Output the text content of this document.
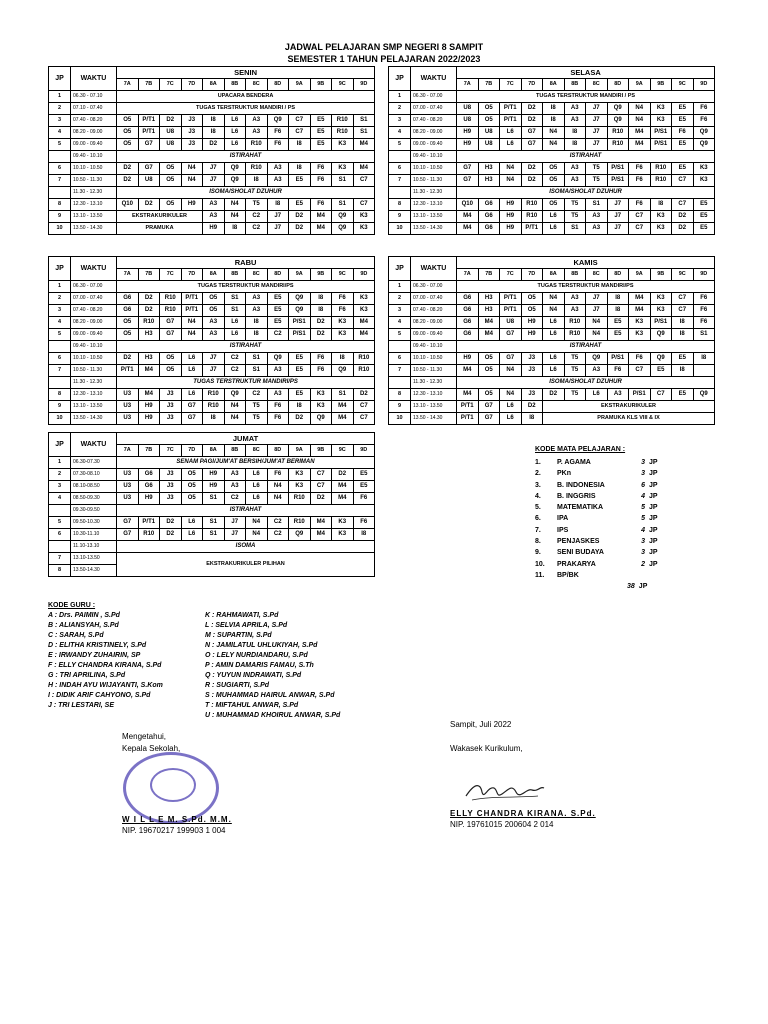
JADWAL PELAJARAN SMP NEGERI 8 SAMPIT
SEMESTER 1 TAHUN PELAJARAN 2022/2023
JP	WAKTU	SENIN											
		7A	7B	7C	7D	8A	8B	8C	8D	9A	9B	9C	9D
1	06.30 - 07.10	UPACARA BENDERA											
2	07.10 - 07.40	TUGAS TERSTRUKTUR MANDIRI / PS											
3	07.40 - 08.20	O5	P/T1	D2	J3	I8	L6	A3	Q9	C7	E5	R10	S1
4	08.20 - 09.00	O5	P/T1	U8	J3	I8	L6	A3	F6	C7	E5	R10	S1
5	09.00 - 09.40	O5	G7	U8	J3	D2	L6	R10	F6	I8	E5	K3	M4
	09.40 - 10.10	ISTIRAHAT											
6	10.10 - 10.50	D2	G7	O5	N4	J7	Q9	R10	A3	I8	F6	K3	M4
7	10.50 - 11.30	D2	U8	O5	N4	J7	Q9	I8	A3	E5	F6	S1	C7
	11.30 - 12.30	ISOMA/SHOLAT DZUHUR											
8	12.30 - 13.10	Q10	D2	O5	H9	A3	N4	T5	I8	E5	F6	S1	C7
9	13.10 - 13.50	EKSTRAKURIKULER				A3	N4	C2	J7	D2	M4	Q9	K3
10	13.50 - 14.30	PRAMUKA				H9	I8	C2	J7	D2	M4	Q9	K3
JP	WAKTU	SELASA											
		7A	7B	7C	7D	8A	8B	8C	8D	9A	9B	9C	9D
1	06.30 - 07.00	TUGAS TERSTRUKTUR MANDIRI / PS											
2	07.00 - 07.40	U8	O5	P/T1	D2	I8	A3	J7	Q9	N4	K3	E5	F6
3	07.40 - 08.20	U8	O5	P/T1	D2	I8	A3	J7	Q9	N4	K3	E5	F6
4	08.20 - 09.00	H9	U8	L6	G7	N4	I8	J7	R10	M4	P/S1	F6	Q9
5	09.00 - 09.40	H9	U8	L6	G7	N4	I8	J7	R10	M4	P/S1	E5	Q9
	09.40 - 10.10	ISTIRAHAT											
6	10.10 - 10.50	G7	H3	N4	D2	O5	A3	T5	P/S1	F6	R10	E5	K3
7	10.50 - 11.30	G7	H3	N4	D2	O5	A3	T5	P/S1	F6	R10	C7	K3
	11.30 - 12.30	ISOMA/SHOLAT DZUHUR											
8	12.30 - 13.10	Q10	G6	H9	R10	O5	T5	S1	J7	F6	I8	C7	E5
9	13.10 - 13.50	M4	G6	H9	R10	L6	T5	A3	J7	C7	K3	D2	E5
10	13.50 - 14.30	M4	G6	H9	P/T1	L6	S1	A3	J7	C7	K3	D2	E5
JP	WAKTU	RABU											
		7A	7B	7C	7D	8A	8B	8C	8D	9A	9B	9C	9D
1	06.30 - 07.00	TUGAS TERSTRUKTUR MANDIRI/PS											
2	07.00 - 07.40	G6	D2	R10	P/T1	O5	S1	A3	E5	Q9	I8	F6	K3
3	07.40 - 08.20	G6	D2	R10	P/T1	O5	S1	A3	E5	Q9	I8	F6	K3
4	08.20 - 09.00	O5	R10	G7	N4	A3	L6	I8	E5	P/S1	D2	K3	M4
5	09.00 - 09.40	O5	H3	G7	N4	A3	L6	I8	C2	P/S1	D2	K3	M4
	09.40 - 10.10	ISTIRAHAT											
6	10.10 - 10.50	D2	H3	O5	L6	J7	C2	S1	Q9	E5	F6	I8	R10
7	10.50 - 11.30	P/T1	M4	O5	L6	J7	C2	S1	A3	E5	F6	Q9	R10
	11.30 - 12.30	TUGAS TERSTRUKTUR MANDIRI/PS											
8	12.30 - 13.10	U3	M4	J3	L6	R10	Q9	C2	A3	E5	K3	S1	D2
9	13.10 - 13.50	U3	H9	J3	G7	R10	N4	T5	F6	I8	K3	M4	C7
10	13.50 - 14.30	U3	H9	J3	G7	I8	N4	T5	F6	D2	Q9	M4	C7
JP	WAKTU	KAMIS											
		7A	7B	7C	7D	8A	8B	8C	8D	9A	9B	9C	9D
1	06.30 - 07.00	TUGAS TERSTRUKTUR MANDIRI/PS											
2	07.00 - 07.40	G6	H3	P/T1	O5	N4	A3	J7	I8	M4	K3	C7	F6
3	07.40 - 08.20	G6	H3	P/T1	O5	N4	A3	J7	I8	M4	K3	C7	F6
4	08.20 - 09.00	G6	M4	U8	H9	L6	R10	N4	E5	K3	P/S1	I8	F6
5	09.00 - 09.40	G6	M4	G7	H9	L6	R10	N4	E5	K3	Q9	I8	S1
	09.40 - 10.10	ISTIRAHAT											
6	10.10 - 10.50	H9	O5	G7	J3	L6	T5	Q9	P/S1	F6	Q9	E5	I8
7	10.50 - 11.30	M4	O5	N4	J3	L6	T5	A3	F6	C7	E5	I8	
	11.30 - 12.30	ISOMA/SHOLAT DZUHUR											
8	12.30 - 13.10	M4	O5	N4	J3	D2	T5	L6	A3	P/S1	C7	E5	Q9
9	13.10 - 13.50	P/T1	G7	L6	D2	EKSTRAKURIKULER							
10	13.50 - 14.30	P/T1	G7	L6	I8	PRAMUKA KLS VIII & IX							
JP	WAKTU	JUMAT											
		7A	7B	7C	7D	8A	8B	8C	8D	9A	9B	9C	9D
1	06.30-07.30	SENAM PAGI/JUM'AT BERSIH/JUM'AT BERIMAN											
2	07.30-08.10	U3	G6	J3	O5	H9	A3	L6	F6	K3	C7	D2	E5
3	08.10-08.50	U3	G6	J3	O5	H9	A3	L6	N4	K3	C7	M4	E5
4	08.50-09.30	U3	H9	J3	O5	S1	C2	L6	N4	R10	D2	M4	F6
	09.30-09.50	ISTIRAHAT											
5	09.50-10.30	G7	P/T1	D2	L6	S1	J7	N4	C2	R10	M4	K3	F6
6	10.30-11.10	G7	R10	D2	L6	S1	J7	N4	C2	Q9	M4	K3	I8
	11.10-13.10	ISOMA											
7	13.10-13.50	EKSTRAKURIKULER PILIHAN											
8	13.50-14.30												
KODE MATA PELAJARAN :
1.	P. AGAMA	3 JP
2.	PKn	3 JP
3.	B. INDONESIA	6 JP
4.	B. INGGRIS	4 JP
5.	MATEMATIKA	5 JP
6.	IPA	5 JP
7.	IPS	4 JP
8.	PENJASKES	3 JP
9.	SENI BUDAYA	3 JP
10.	PRAKARYA	2 JP
11.	BP/BK
38 JP
KODE GURU :
A : Drs. PAIMIN , S.Pd
B : ALIANSYAH, S.Pd
C : SARAH, S.Pd
D : ELITHA KRISTINELY, S.Pd
E : IRWANDY ZUHAIRIN, SP
F : ELLY CHANDRA KIRANA, S.Pd
G : TRI APRILINA, S.Pd
H : INDAH AYU WIJAYANTI, S.Kom
I : DIDIK ARIF CAHYONO, S.Pd
J : TRI LESTARI, SE
K : RAHMAWATI, S.Pd
L : SELVIA APRILA, S.Pd
M : SUPARTIN, S.Pd
N : JAMILATUL UHLUKIYAH, S.Pd
O : LELY NURDIANDARU, S.Pd
P : AMIN DAMARIS FAMAU, S.Th
Q : YUYUN INDRAWATI, S.Pd
R : SUGIARTI, S.Pd
S : MUHAMMAD HAIRUL ANWAR, S.Pd
T : MIFTAHUL ANWAR, S.Pd
U : MUHAMMAD KHOIRUL ANWAR, S.Pd
Mengetahui,
Kepala Sekolah,
W I L L E M. S.Pd. M.M.
NIP. 19670217 199903 1 004
Sampit, Juli 2022
Wakasek Kurikulum,
ELLY CHANDRA KIRANA. S.Pd.
NIP. 19761015 200604 2 014
